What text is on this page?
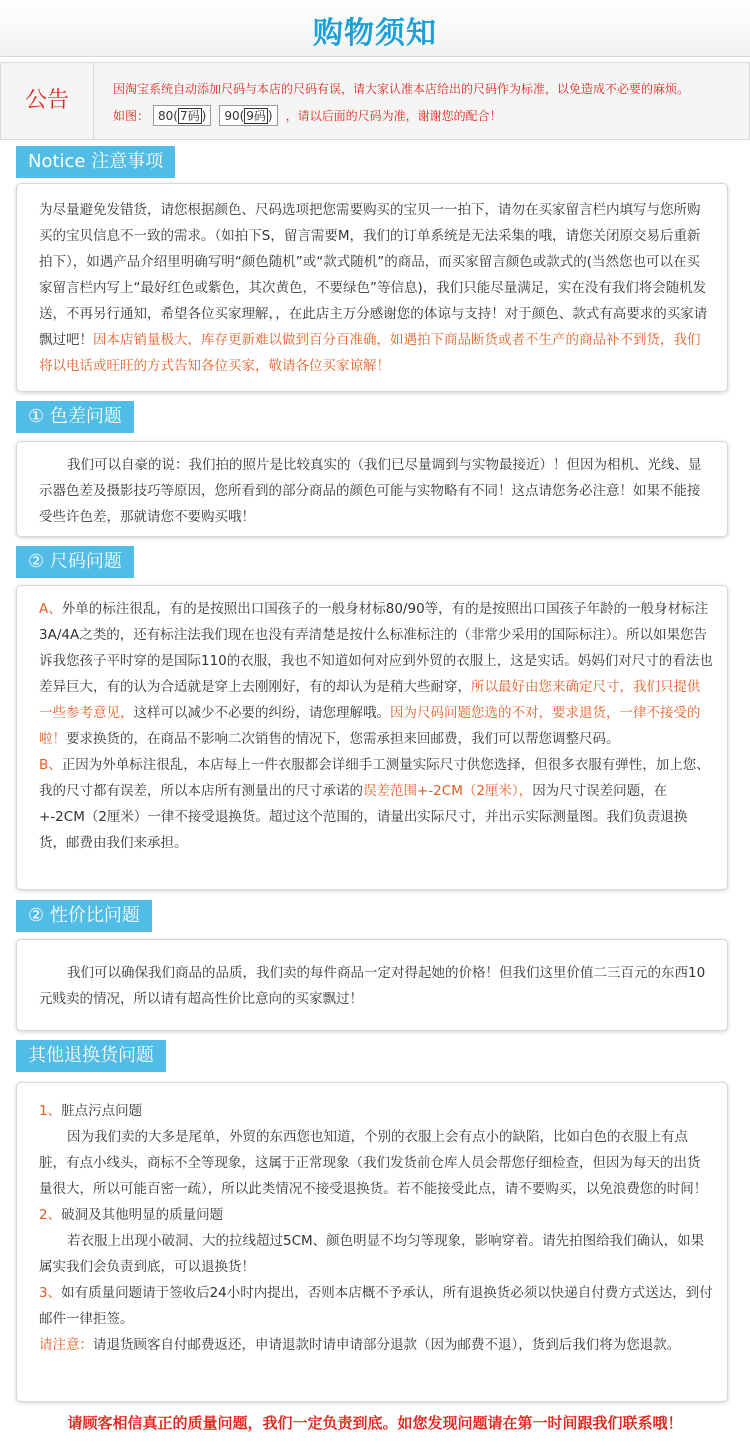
购物须知
公告	因淘宝系统自动添加尺码与本店的尺码有误，请大家认准本店给出的尺码作为标准，以免造成不必要的麻烦。
如图： 80( 7码 )	90( 9码 )	，请以后面的尺码为准，谢谢您的配合！
Notice 注意事项

为尽量避免发错货，请您根据颜色、尺码选项把您需要购买的宝贝一一拍下，请勿在买家留言栏内填写与您所购买的宝贝信息不一致的需求。（如拍下S，留言需要M，我们的订单系统是无法采集的哦，请您关闭原交易后重新拍下），如遇产品介绍里明确写明“颜色随机”或“款式随机”的商品，而买家留言颜色或款式的(当然您也可以在买家留言栏内写上“最好红色或紫色，其次黄色，不要绿色”等信息)，我们只能尽量满足，实在没有我们将会随机发送，不再另行通知，希望各位买家理解，，在此店主万分感谢您的体谅与支持！对于颜色、款式有高要求的买家请飘过吧！因本店销量极大，库存更新难以做到百分百准确，如遇拍下商品断货或者不生产的商品补不到货，我们将以电话或旺旺的方式告知各位买家，敬请各位买家谅解！

① 色差问题

我们可以自豪的说：我们拍的照片是比较真实的（我们已尽量调到与实物最接近）！但因为相机、光线、显示器色差及摄影技巧等原因，您所看到的部分商品的颜色可能与实物略有不同！这点请您务必注意！如果不能接受些许色差，那就请您不要购买哦！

② 尺码问题

A、外单的标注很乱，有的是按照出口国孩子的一般身材标80/90等，有的是按照出口国孩子年龄的一般身材标注3A/4A之类的，还有标注法我们现在也没有弄清楚是按什么标准标注的（非常少采用的国际标注）。所以如果您告诉我您孩子平时穿的是国际110的衣服，我也不知道如何对应到外贸的衣服上，这是实话。妈妈们对尺寸的看法也差异巨大，有的认为合适就是穿上去刚刚好，有的却认为是稍大些耐穿，所以最好由您来确定尺寸，我们只提供一些参考意见，这样可以减少不必要的纠纷，请您理解哦。因为尺码问题您选的不对，要求退货，一律不接受的啦！要求换货的，在商品不影响二次销售的情况下，您需承担来回邮费，我们可以帮您调整尺码。

B、正因为外单标注很乱，本店每上一件衣服都会详细手工测量实际尺寸供您选择，但很多衣服有弹性，加上您、我的尺寸都有误差，所以本店所有测量出的尺寸承诺的误差范围+-2CM（2厘米），因为尺寸误差问题，在+-2CM（2厘米）一律不接受退换货。超过这个范围的，请量出实际尺寸，并出示实际测量图。我们负责退换货，邮费由我们来承担。

② 性价比问题

我们可以确保我们商品的品质，我们卖的每件商品一定对得起她的价格！但我们这里价值二三百元的东西10元贱卖的情况，所以请有超高性价比意向的买家飘过！

其他退换货问题

1、脏点污点问题

因为我们卖的大多是尾单，外贸的东西您也知道，个别的衣服上会有点小的缺陷，比如白色的衣服上有点脏，有点小线头，商标不全等现象，这属于正常现象（我们发货前仓库人员会帮您仔细检查，但因为每天的出货量很大，所以可能百密一疏），所以此类情况不接受退换货。若不能接受此点，请不要购买，以免浪费您的时间！

2、破洞及其他明显的质量问题

若衣服上出现小破洞、大的拉线超过5CM、颜色明显不均匀等现象，影响穿着。请先拍图给我们确认，如果属实我们会负责到底，可以退换货！

3、如有质量问题请于签收后24小时内提出，否则本店概不予承认，所有退换货必须以快递自付费方式送达，到付邮件一律拒签。

请注意：请退货顾客自付邮费返还，申请退款时请申请部分退款（因为邮费不退），货到后我们将为您退款。

请顾客相信真正的质量问题，我们一定负责到底。如您发现问题请在第一时间跟我们联系哦！
